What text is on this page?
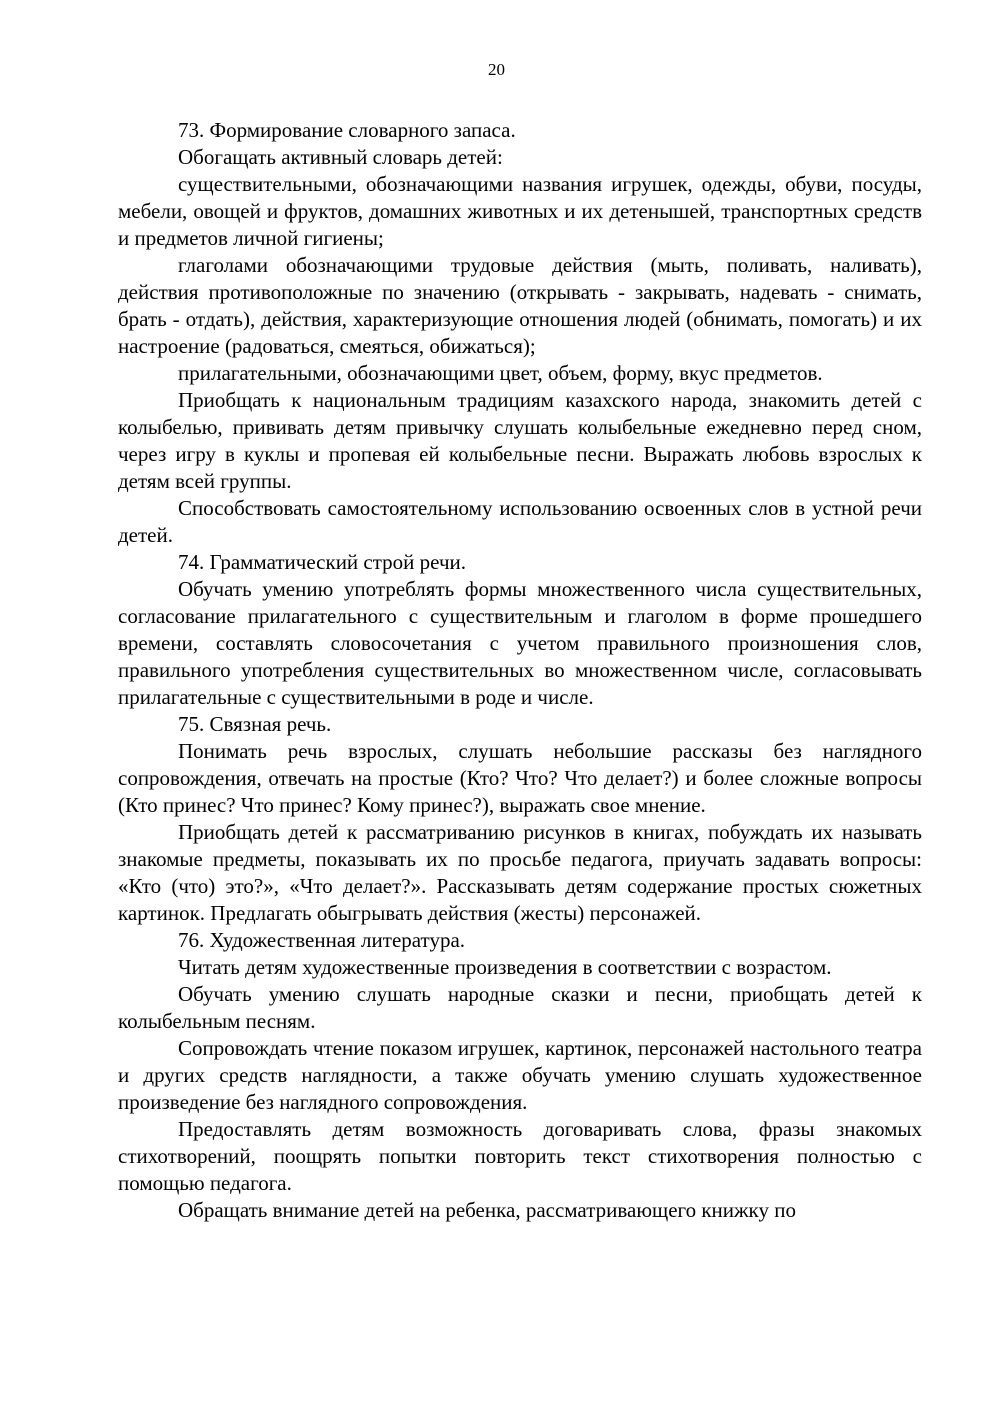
20

73. Формирование словарного запаса.

Обогащать активный словарь детей:

существительными, обозначающими названия игрушек, одежды, обуви, посуды, мебели, овощей и фруктов, домашних животных и их детенышей, транспортных средств и предметов личной гигиены;

глаголами обозначающими трудовые действия (мыть, поливать, наливать), действия противоположные по значению (открывать - закрывать, надевать - снимать, брать - отдать), действия, характеризующие отношения людей (обнимать, помогать) и их настроение (радоваться, смеяться, обижаться);

прилагательными, обозначающими цвет, объем, форму, вкус предметов.

Приобщать к национальным традициям казахского народа, знакомить детей с колыбелью, прививать детям привычку слушать колыбельные ежедневно перед сном, через игру в куклы и пропевая ей колыбельные песни. Выражать любовь взрослых к детям всей группы.

Способствовать самостоятельному использованию освоенных слов в устной речи детей.

74. Грамматический строй речи.

Обучать умению употреблять формы множественного числа существительных, согласование прилагательного с существительным и глаголом в форме прошедшего времени, составлять словосочетания с учетом правильного произношения слов, правильного употребления существительных во множественном числе, согласовывать прилагательные с существительными в роде и числе.

75. Связная речь.

Понимать речь взрослых, слушать небольшие рассказы без наглядного сопровождения, отвечать на простые (Кто? Что? Что делает?) и более сложные вопросы (Кто принес? Что принес? Кому принес?), выражать свое мнение.

Приобщать детей к рассматриванию рисунков в книгах, побуждать их называть знакомые предметы, показывать их по просьбе педагога, приучать задавать вопросы: «Кто (что) это?», «Что делает?». Рассказывать детям содержание простых сюжетных картинок. Предлагать обыгрывать действия (жесты) персонажей.

76. Художественная литература.

Читать детям художественные произведения в соответствии с возрастом.

Обучать умению слушать народные сказки и песни, приобщать детей к колыбельным песням.

Сопровождать чтение показом игрушек, картинок, персонажей настольного театра и других средств наглядности, а также обучать умению слушать художественное произведение без наглядного сопровождения.

Предоставлять детям возможность договаривать слова, фразы знакомых стихотворений, поощрять попытки повторить текст стихотворения полностью с помощью педагога.

Обращать внимание детей на ребенка, рассматривающего книжку по
